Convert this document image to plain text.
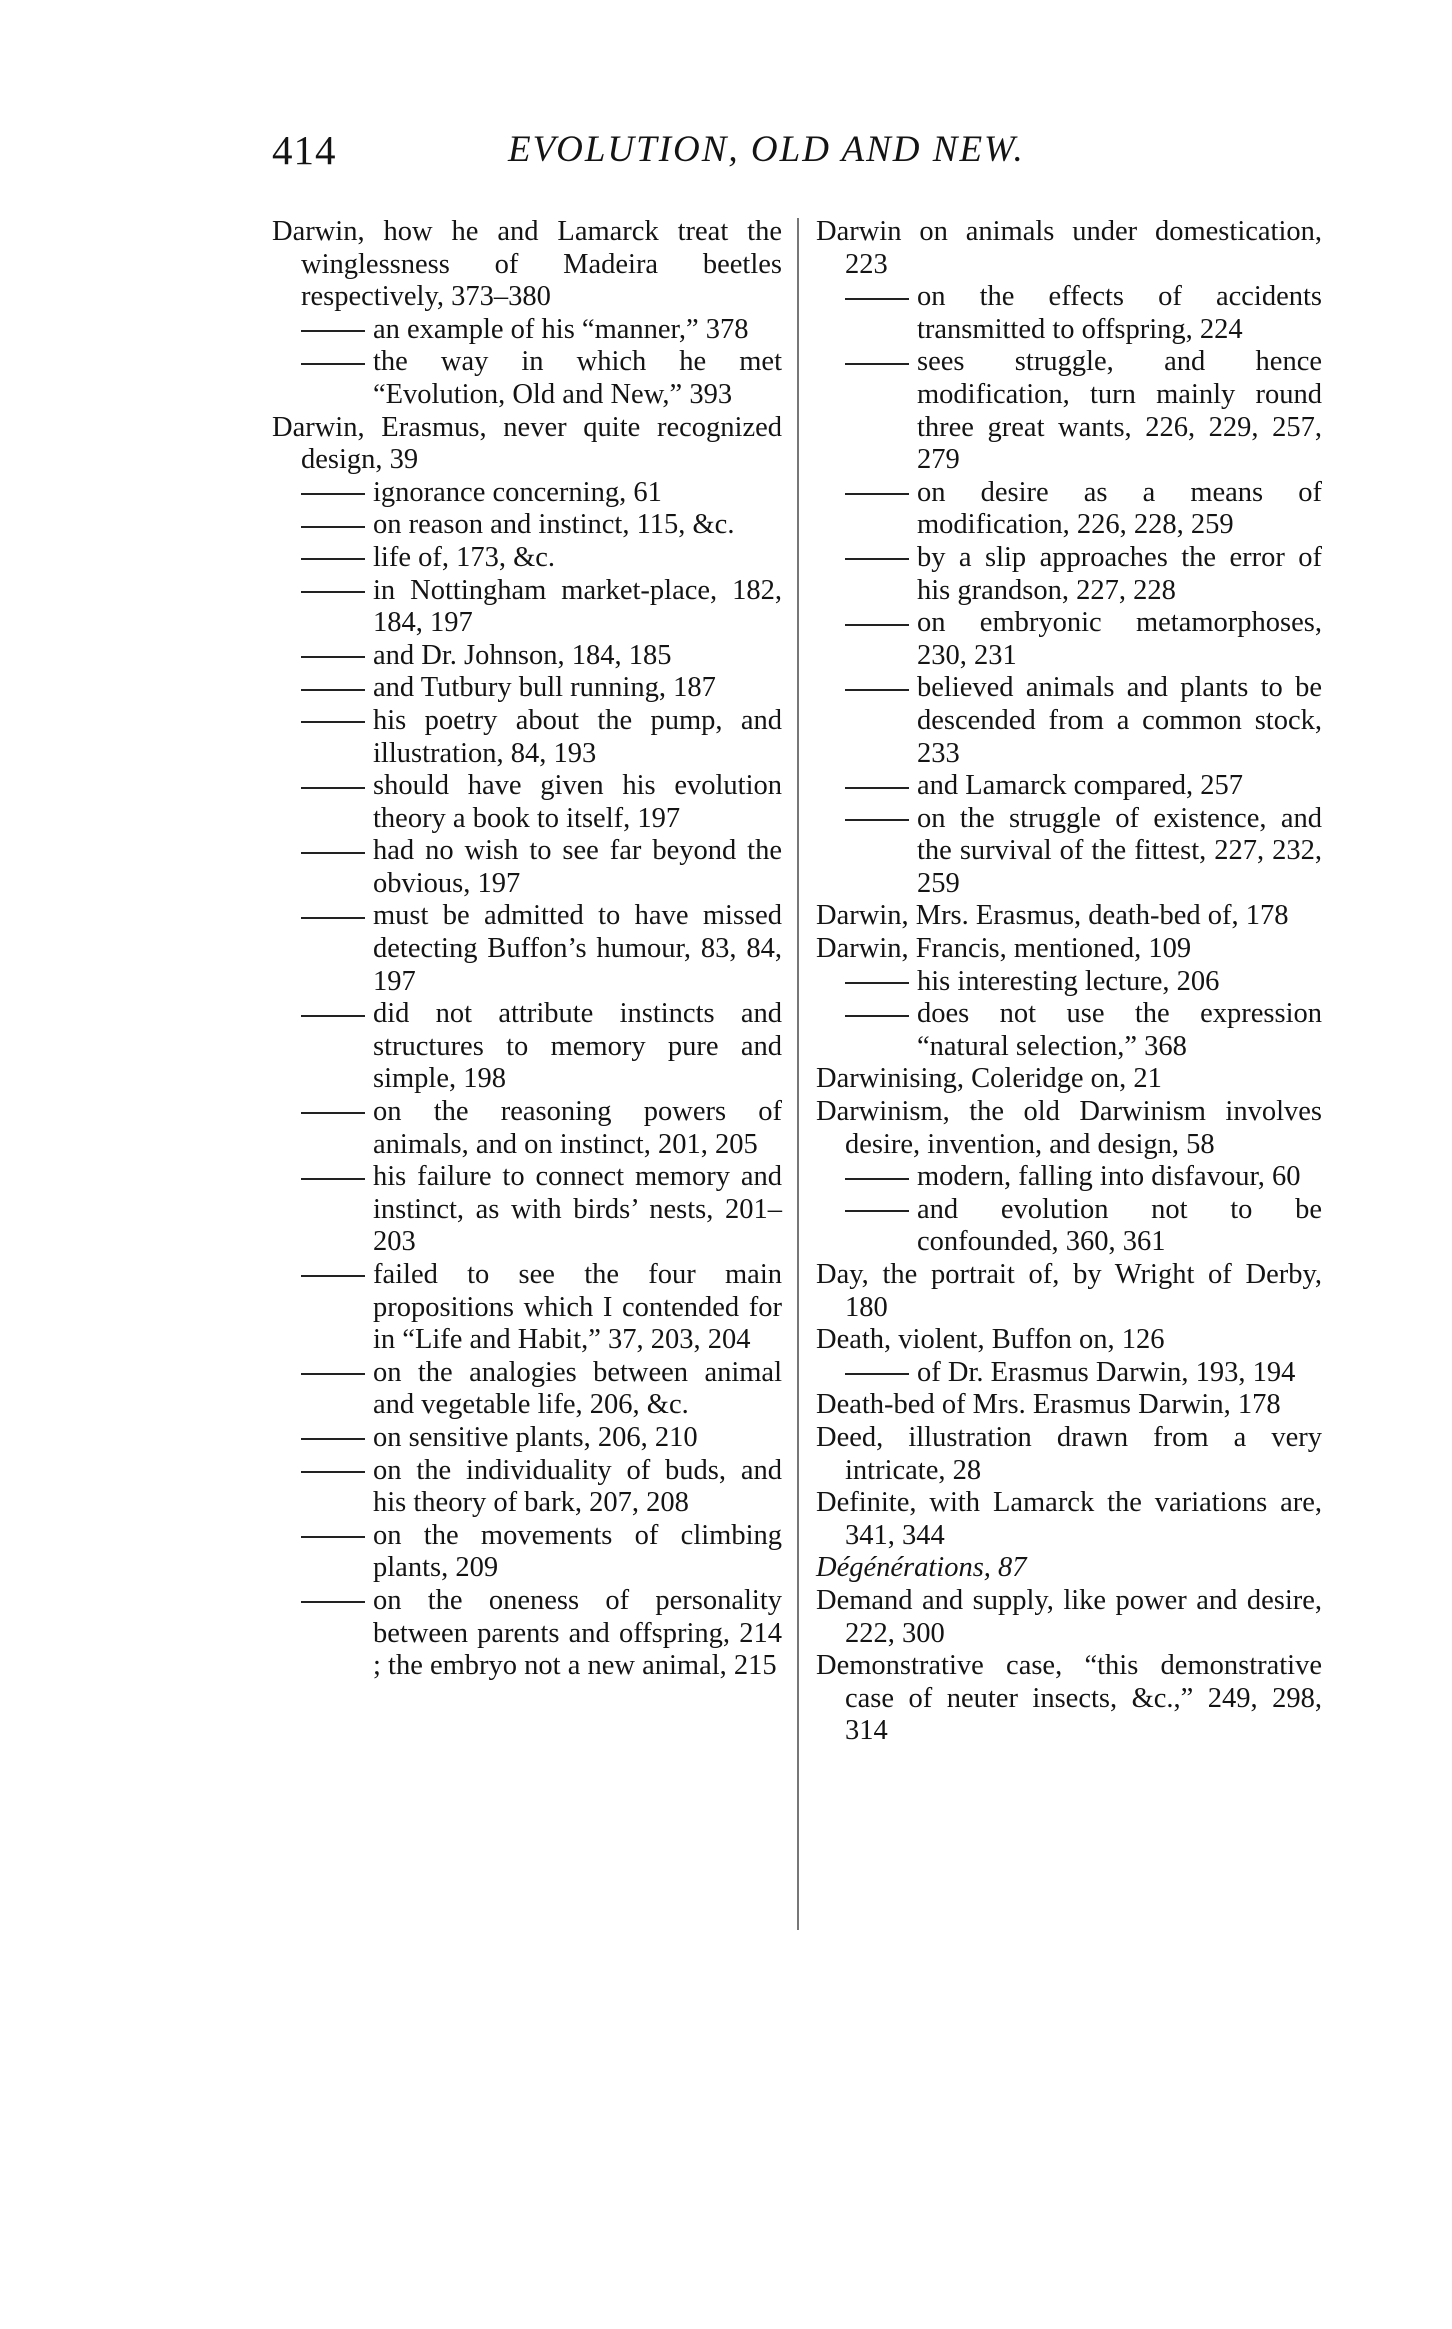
414	EVOLUTION, OLD AND NEW.
Darwin, how he and Lamarck treat the winglessness of Madeira beetles respectively, 373–380
an example of his “manner,” 378
the way in which he met “Evolution, Old and New,” 393
Darwin, Erasmus, never quite recognized design, 39
ignorance concerning, 61
on reason and instinct, 115, &c.
life of, 173, &c.
in Nottingham market-place, 182, 184, 197
and Dr. Johnson, 184, 185
and Tutbury bull running, 187
his poetry about the pump, and illustration, 84, 193
should have given his evolution theory a book to itself, 197
had no wish to see far beyond the obvious, 197
must be admitted to have missed detecting Buffon’s humour, 83, 84, 197
did not attribute instincts and structures to memory pure and simple, 198
on the reasoning powers of animals, and on instinct, 201, 205
his failure to connect memory and instinct, as with birds’ nests, 201–203
failed to see the four main propositions which I contended for in “Life and Habit,” 37, 203, 204
on the analogies between animal and vegetable life, 206, &c.
on sensitive plants, 206, 210
on the individuality of buds, and his theory of bark, 207, 208
on the movements of climbing plants, 209
on the oneness of personality between parents and offspring, 214 ; the embryo not a new animal, 215
Darwin on animals under domestication, 223
on the effects of accidents transmitted to offspring, 224
sees struggle, and hence modification, turn mainly round three great wants, 226, 229, 257, 279
on desire as a means of modification, 226, 228, 259
by a slip approaches the error of his grandson, 227, 228
on embryonic metamorphoses, 230, 231
believed animals and plants to be descended from a common stock, 233
and Lamarck compared, 257
on the struggle of existence, and the survival of the fittest, 227, 232, 259
Darwin, Mrs. Erasmus, death-bed of, 178
Darwin, Francis, mentioned, 109
his interesting lecture, 206
does not use the expression “natural selection,” 368
Darwinising, Coleridge on, 21
Darwinism, the old Darwinism involves desire, invention, and design, 58
modern, falling into disfavour, 60
and evolution not to be confounded, 360, 361
Day, the portrait of, by Wright of Derby, 180
Death, violent, Buffon on, 126
of Dr. Erasmus Darwin, 193, 194
Death-bed of Mrs. Erasmus Darwin, 178
Deed, illustration drawn from a very intricate, 28
Definite, with Lamarck the variations are, 341, 344
Dégénérations, 87
Demand and supply, like power and desire, 222, 300
Demonstrative case, “this demonstrative case of neuter insects, &c.,” 249, 298, 314
